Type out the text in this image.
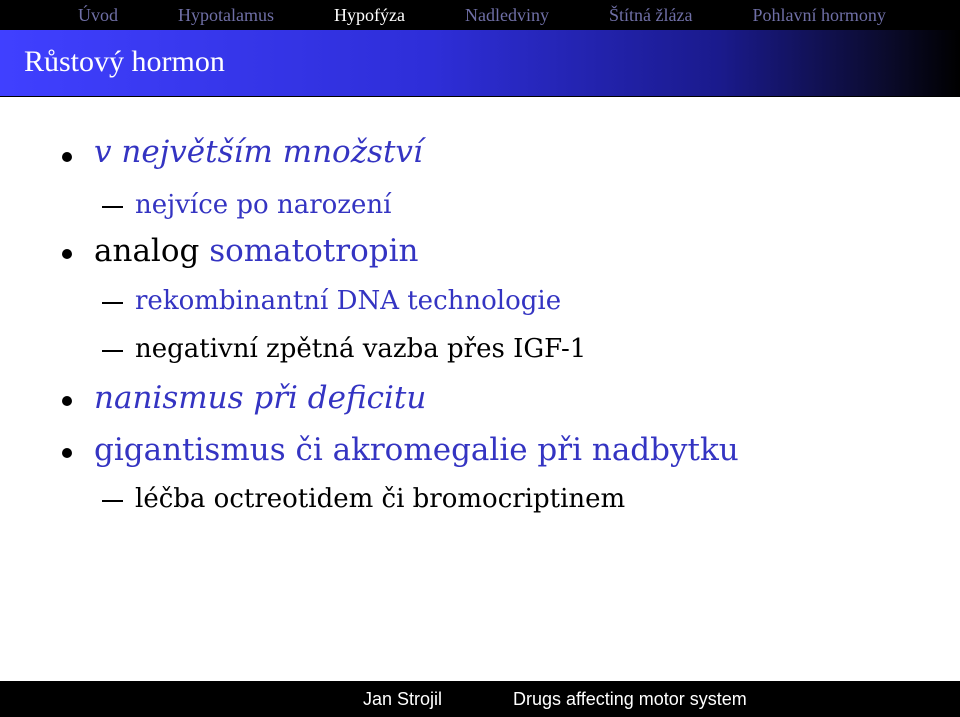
Úvod	Hypotalamus	Hypofýza	Nadledviny	Štítná žláza	Pohlavní hormony
Růstový hormon
v největším množství
nejvíce po narození
analog somatotropin
rekombinantní DNA technologie
negativní zpětná vazba přes IGF-1
nanismus při deficitu
gigantismus či akromegalie při nadbytku
léčba octreotidem či bromocriptinem
Jan Strojil	Drugs affecting motor system
